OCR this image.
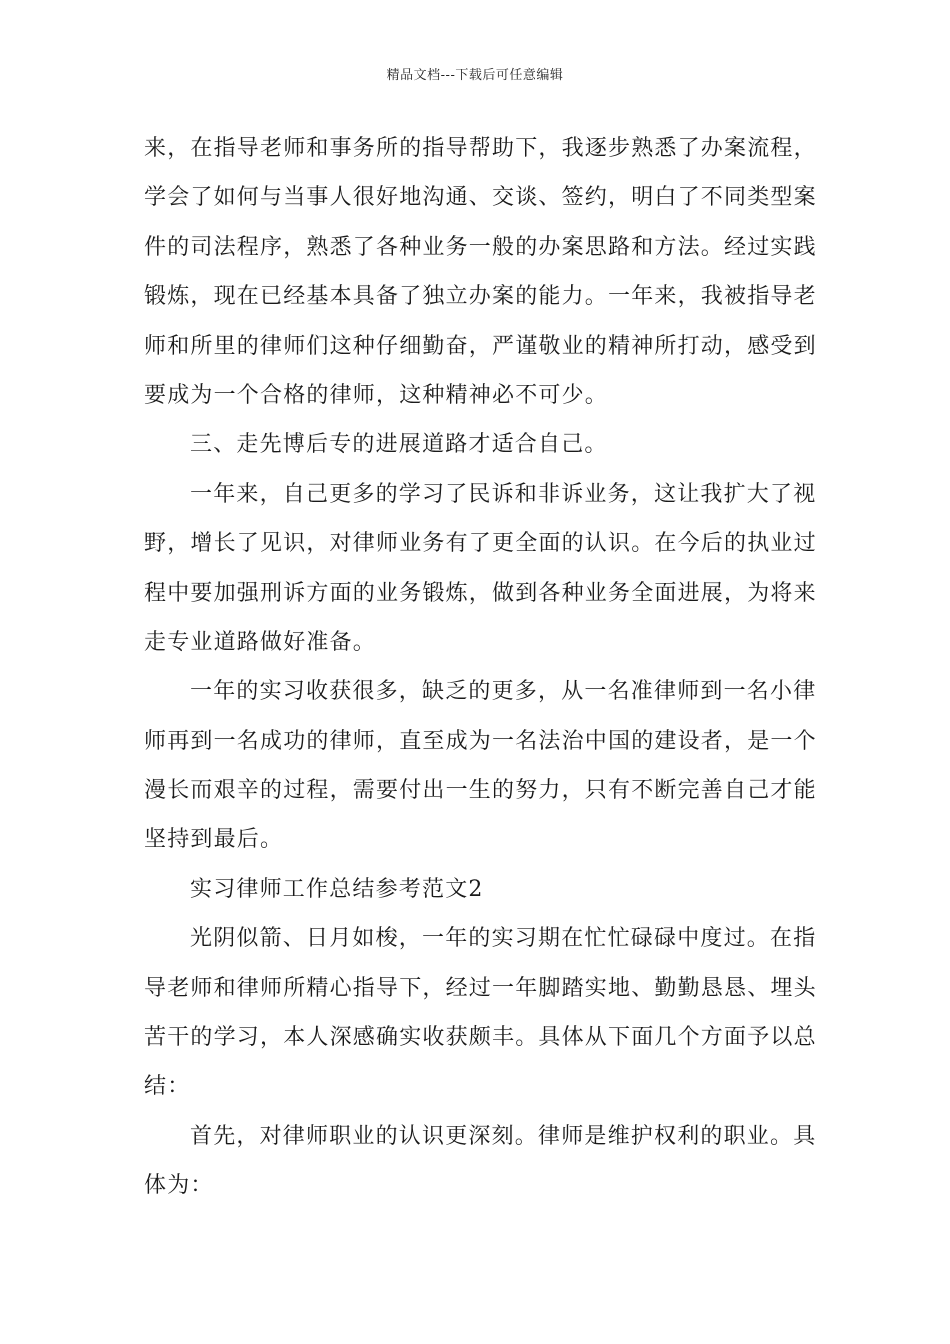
精品文档---下载后可任意编辑
来，在指导老师和事务所的指导帮助下，我逐步熟悉了办案流程，
学会了如何与当事人很好地沟通、交谈、签约，明白了不同类型案
件的司法程序，熟悉了各种业务一般的办案思路和方法。经过实践
锻炼，现在已经基本具备了独立办案的能力。一年来，我被指导老
师和所里的律师们这种仔细勤奋，严谨敬业的精神所打动，感受到
要成为一个合格的律师，这种精神必不可少。
三、走先博后专的进展道路才适合自己。
一年来，自己更多的学习了民诉和非诉业务，这让我扩大了视
野，增长了见识，对律师业务有了更全面的认识。在今后的执业过
程中要加强刑诉方面的业务锻炼，做到各种业务全面进展，为将来
走专业道路做好准备。
一年的实习收获很多，缺乏的更多，从一名准律师到一名小律
师再到一名成功的律师，直至成为一名法治中国的建设者，是一个
漫长而艰辛的过程，需要付出一生的努力，只有不断完善自己才能
坚持到最后。
实习律师工作总结参考范文2
光阴似箭、日月如梭，一年的实习期在忙忙碌碌中度过。在指
导老师和律师所精心指导下，经过一年脚踏实地、勤勤恳恳、埋头
苦干的学习，本人深感确实收获颇丰。具体从下面几个方面予以总
结：
首先，对律师职业的认识更深刻。律师是维护权利的职业。具
体为：
